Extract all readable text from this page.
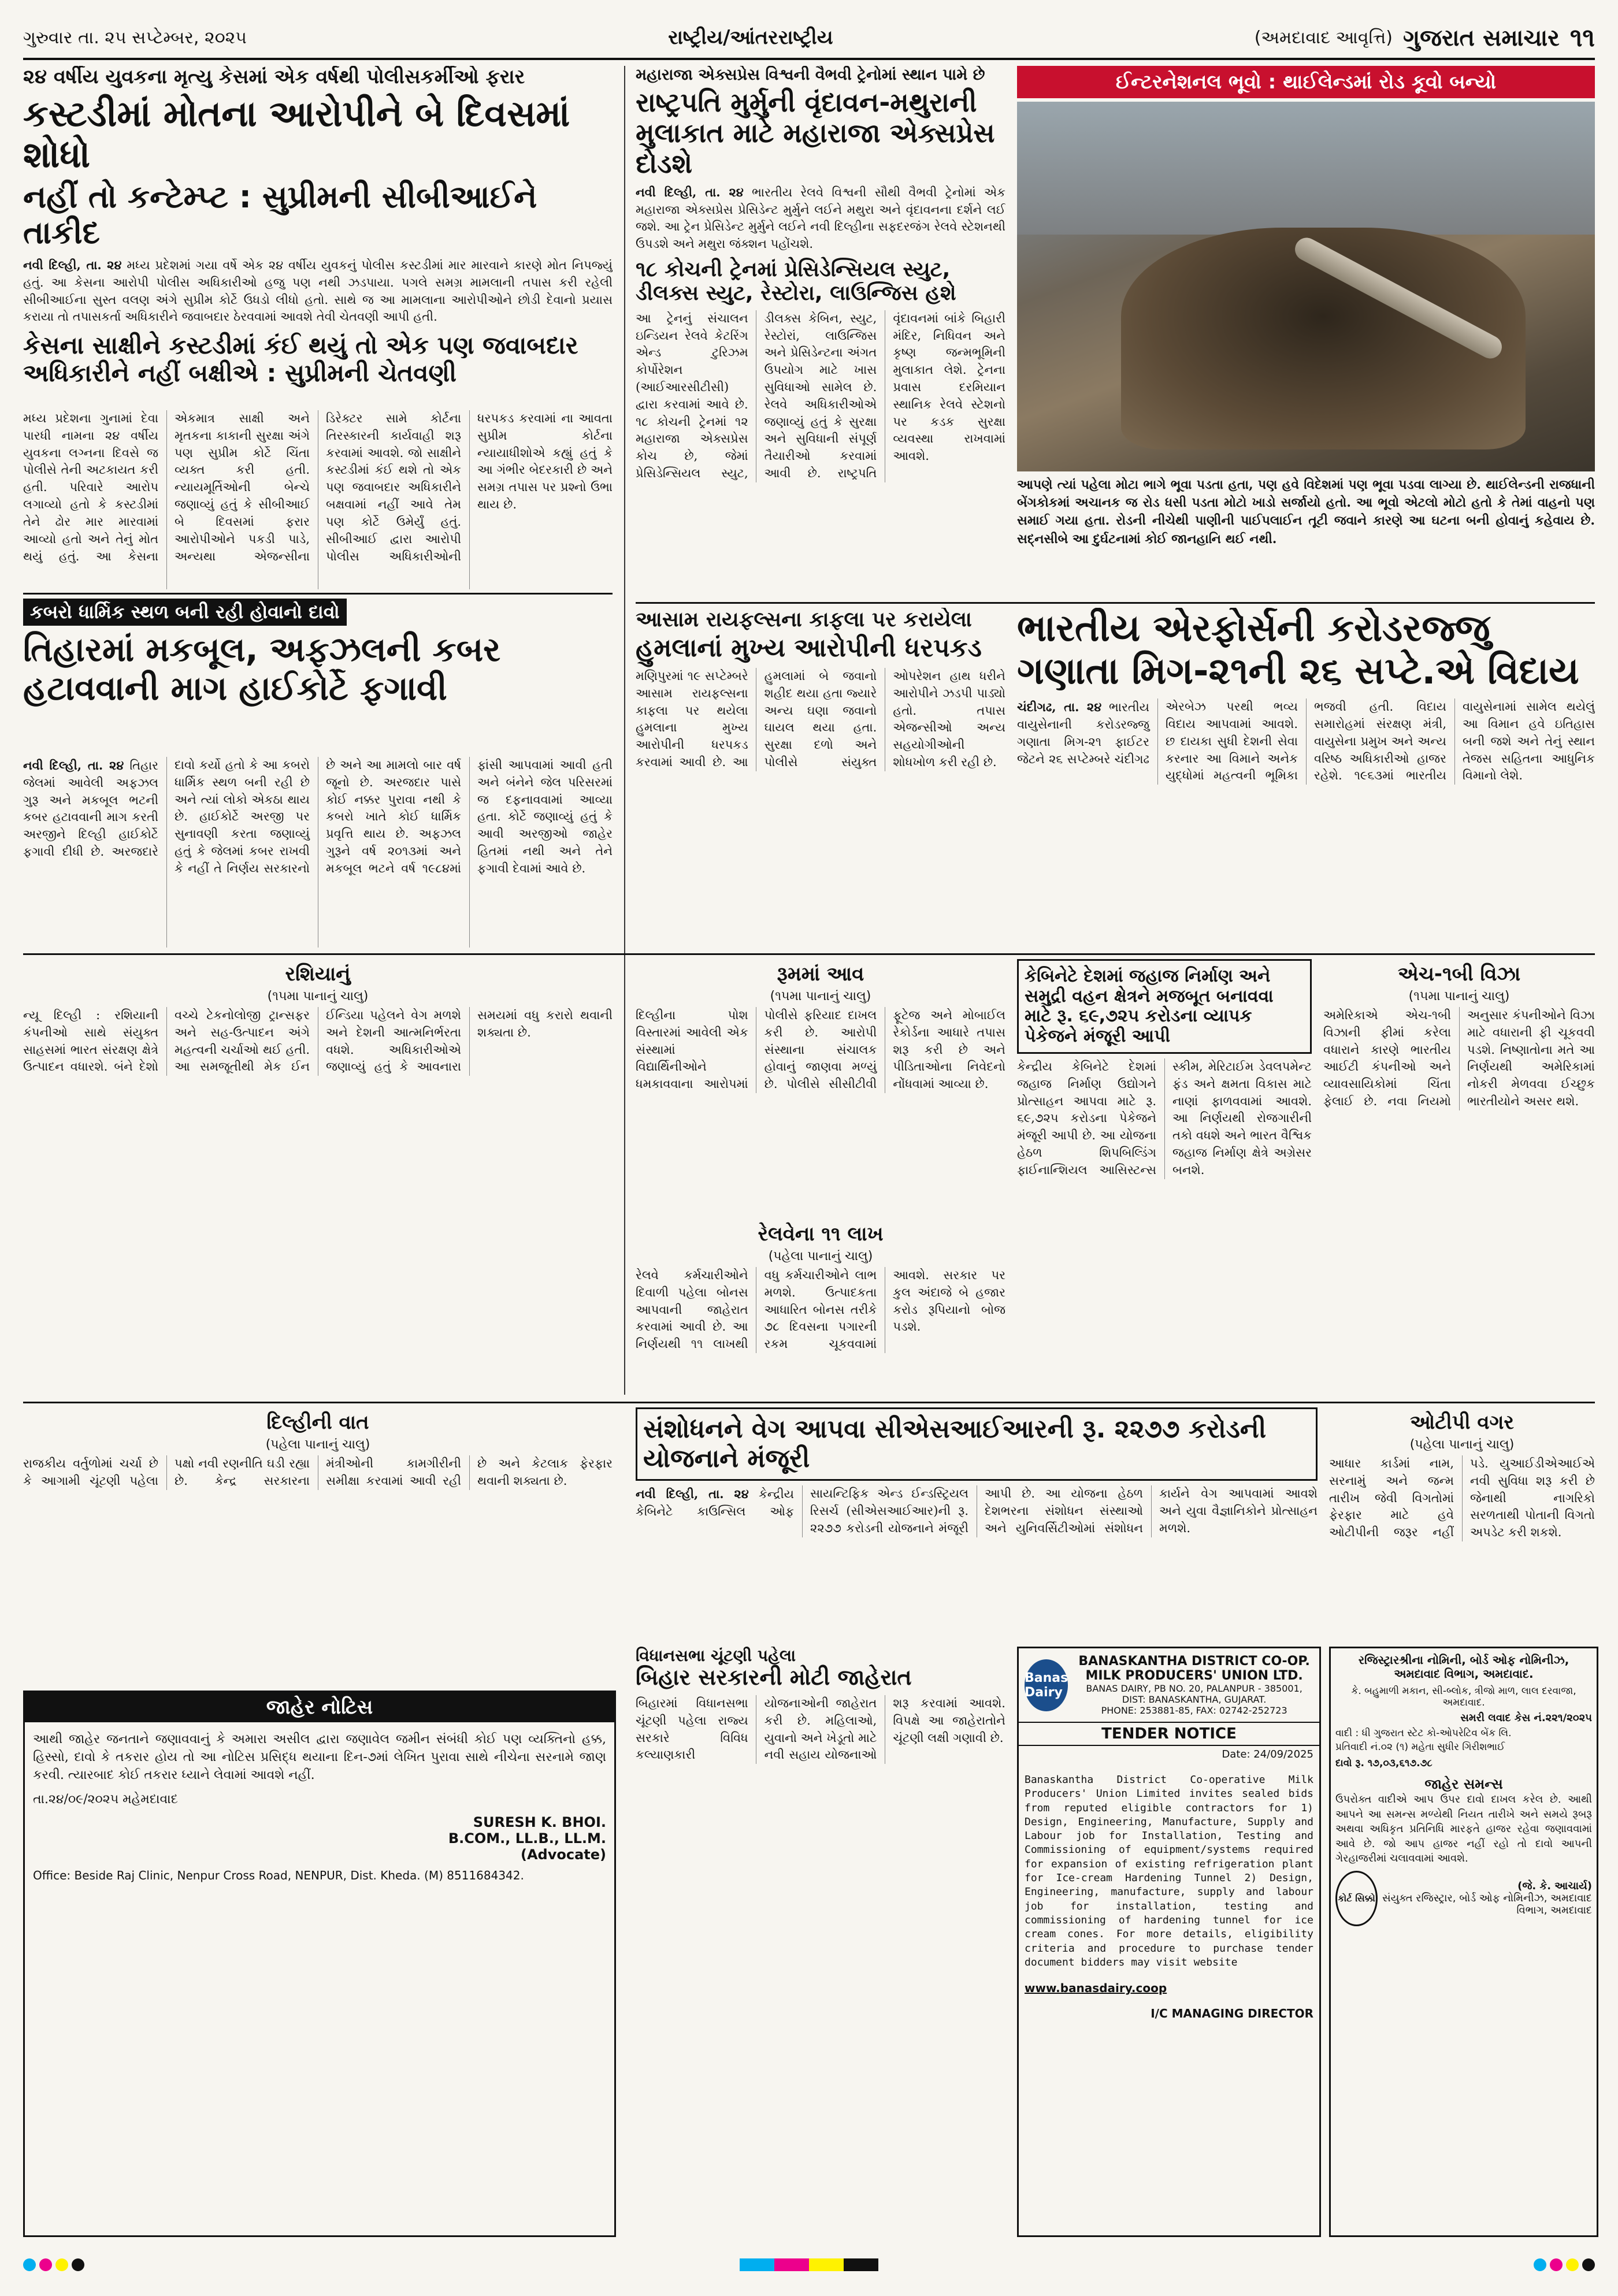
ગુરુવાર તા. ૨૫ સપ્ટેમ્બર, ૨૦૨૫	રાષ્ટ્રીય/આંતરરાષ્ટ્રીય	(અમદાવાદ આવૃત્તિ) ગુજરાત સમાચાર ૧૧

૨૪ વર્ષીય યુવકના મૃત્યુ કેસમાં એક વર્ષથી પોલીસકર્મીઓ ફરાર

કસ્ટડીમાં મોતના આરોપીને બે દિવસમાં શોધો
નહીં તો કન્ટેમ્પ્ટ : સુપ્રીમની સીબીઆઈને તાકીદ

નવી દિલ્હી, તા. ૨૪ મધ્ય પ્રદેશમાં ગયા વર્ષે એક ૨૪ વર્ષીય યુવકનું પોલીસ કસ્ટડીમાં માર મારવાને કારણે મોત નિપજ્યું હતું. આ કેસના આરોપી પોલીસ અધિકારીઓ હજુ પણ નથી ઝડપાયા. પગલે સમગ્ર મામલાની તપાસ કરી રહેલી સીબીઆઈના સુસ્ત વલણ અંગે સુપ્રીમ કોર્ટે ઉધડો લીધો હતો. સાથે જ આ મામલાના આરોપીઓને છોડી દેવાનો પ્રયાસ કરાયા તો તપાસકર્તા અધિકારીને જવાબદાર ઠેરવવામાં આવશે તેવી ચેતવણી આપી હતી.

કેસના સાક્ષીને કસ્ટડીમાં કંઈ થયું તો એક પણ જવાબદાર અધિકારીને નહીં બક્ષીએ : સુપ્રીમની ચેતવણી

મધ્ય પ્રદેશના ગુનામાં દેવા પારધી નામના ૨૪ વર્ષીય યુવકના લગ્નના દિવસે જ પોલીસે તેની અટકાયત કરી હતી. પરિવારે આરોપ લગાવ્યો હતો કે કસ્ટડીમાં તેને ઢોર માર મારવામાં આવ્યો હતો અને તેનું મોત થયું હતું. આ કેસના એકમાત્ર સાક્ષી અને મૃતકના કાકાની સુરક્ષા અંગે પણ સુપ્રીમ કોર્ટે ચિંતા વ્યક્ત કરી હતી. ન્યાયમૂર્તિઓની બેન્ચે જણાવ્યું હતું કે સીબીઆઈ બે દિવસમાં ફરાર આરોપીઓને પકડી પાડે, અન્યથા એજન્સીના ડિરેક્ટર સામે કોર્ટના તિરસ્કારની કાર્યવાહી શરૂ કરવામાં આવશે. જો સાક્ષીને કસ્ટડીમાં કંઈ થશે તો એક પણ જવાબદાર અધિકારીને બક્ષવામાં નહીં આવે તેમ પણ કોર્ટે ઉમેર્યું હતું. સીબીઆઈ દ્વારા આરોપી પોલીસ અધિકારીઓની ધરપકડ કરવામાં ના આવતા સુપ્રીમ કોર્ટના ન્યાયાધીશોએ કહ્યું હતું કે આ ગંભીર બેદરકારી છે અને સમગ્ર તપાસ પર પ્રશ્નો ઉભા થાય છે.
કબરો ધાર્મિક સ્થળ બની રહી હોવાનો દાવો
તિહારમાં મકબૂલ, અફઝલની કબર હટાવવાની માગ હાઈકોર્ટે ફગાવી
નવી દિલ્હી, તા. ૨૪ તિહાર જેલમાં આવેલી અફઝલ ગુરૂ અને મકબૂલ ભટની કબર હટાવવાની માગ કરતી અરજીને દિલ્હી હાઈકોર્ટે ફગાવી દીધી છે. અરજદારે દાવો કર્યો હતો કે આ કબરો ધાર્મિક સ્થળ બની રહી છે અને ત્યાં લોકો એકઠા થાય છે. હાઈકોર્ટે અરજી પર સુનાવણી કરતા જણાવ્યું હતું કે જેલમાં કબર રાખવી કે નહીં તે નિર્ણય સરકારનો છે અને આ મામલો બાર વર્ષ જૂનો છે. અરજદાર પાસે કોઈ નક્કર પુરાવા નથી કે કબરો ખાતે કોઈ ધાર્મિક પ્રવૃત્તિ થાય છે. અફઝલ ગુરૂને વર્ષ ૨૦૧૩માં અને મકબૂલ ભટને વર્ષ ૧૯૮૪માં ફાંસી આપવામાં આવી હતી અને બંનેને જેલ પરિસરમાં જ દફનાવવામાં આવ્યા હતા. કોર્ટે જણાવ્યું હતું કે આવી અરજીઓ જાહેર હિતમાં નથી અને તેને ફગાવી દેવામાં આવે છે.

મહારાજા એક્સપ્રેસ વિશ્વની વૈભવી ટ્રેનોમાં સ્થાન પામે છે

રાષ્ટ્રપતિ મુર્મુની વૃંદાવન-મથુરાની મુલાકાત માટે મહારાજા એક્સપ્રેસ દોડશે

નવી દિલ્હી, તા. ૨૪ ભારતીય રેલવે વિશ્વની સૌથી વૈભવી ટ્રેનોમાં એક મહારાજા એક્સપ્રેસ પ્રેસિડેન્ટ મુર્મુને લઈને મથુરા અને વૃંદાવનના દર્શને લઈ જશે. આ ટ્રેન પ્રેસિડેન્ટ મુર્મુને લઈને નવી દિલ્હીના સફદરજંગ રેલવે સ્ટેશનથી ઉપડશે અને મથુરા જંક્શન પહોંચશે.

૧૮ કોચની ટ્રેનમાં પ્રેસિડેન્સિયલ સ્યુટ, ડીલક્સ સ્યુટ, રેસ્ટોરા, લાઉન્જિસ હશે

આ ટ્રેનનું સંચાલન ઇન્ડિયન રેલવે કેટરિંગ એન્ડ ટુરિઝમ કોર્પોરેશન (આઈઆરસીટીસી) દ્વારા કરવામાં આવે છે. ૧૮ કોચની ટ્રેનમાં ૧૨ મહારાજા એક્સપ્રેસ કોચ છે, જેમાં પ્રેસિડેન્સિયલ સ્યુટ, ડીલક્સ કેબિન, સ્યુટ, રેસ્ટોરાં, લાઉન્જિસ અને પ્રેસિડેન્ટના અંગત ઉપયોગ માટે ખાસ સુવિધાઓ સામેલ છે. રેલવે અધિકારીઓએ જણાવ્યું હતું કે સુરક્ષા અને સુવિધાની સંપૂર્ણ તૈયારીઓ કરવામાં આવી છે. રાષ્ટ્રપતિ વૃંદાવનમાં બાંકે બિહારી મંદિર, નિધિવન અને કૃષ્ણ જન્મભૂમિની મુલાકાત લેશે. ટ્રેનના પ્રવાસ દરમિયાન સ્થાનિક રેલવે સ્ટેશનો પર કડક સુરક્ષા વ્યવસ્થા રાખવામાં આવશે.
ઈન્ટરનેશનલ ભૂવો : થાઈલેન્ડમાં રોડ કૂવો બન્યો

આપણે ત્યાં પહેલા મોટા ભાગે ભૂવા પડતા હતા, પણ હવે વિદેશમાં પણ ભૂવા પડવા લાગ્યા છે. થાઈલેન્ડની રાજધાની બેંગકોકમાં અચાનક જ રોડ ધસી પડતા મોટો ખાડો સર્જાયો હતો. આ ભૂવો એટલો મોટો હતો કે તેમાં વાહનો પણ સમાઈ ગયા હતા. રોડની નીચેથી પાણીની પાઈપલાઈન તૂટી જવાને કારણે આ ઘટના બની હોવાનું કહેવાય છે. સદ્નસીબે આ દુર્ઘટનામાં કોઈ જાનહાનિ થઈ નથી.

આસામ રાયફલ્સના કાફલા પર કરાયેલા

હુમલાનાં મુખ્ય આરોપીની ધરપકડ
મણિપુરમાં ૧૯ સપ્ટેમ્બરે આસામ રાયફલ્સના કાફલા પર થયેલા હુમલાના મુખ્ય આરોપીની ધરપકડ કરવામાં આવી છે. આ હુમલામાં બે જવાનો શહીદ થયા હતા જ્યારે અન્ય ઘણા જવાનો ઘાયલ થયા હતા. સુરક્ષા દળો અને પોલીસે સંયુક્ત ઓપરેશન હાથ ધરીને આરોપીને ઝડપી પાડ્યો હતો. તપાસ એજન્સીઓ અન્ય સહયોગીઓની શોધખોળ કરી રહી છે.
ભારતીય એરફોર્સની કરોડરજ્જુ ગણાતા મિગ-૨૧ની ૨૬ સપ્ટે.એ વિદાય
ચંદીગઢ, તા. ૨૪ ભારતીય વાયુસેનાની કરોડરજ્જુ ગણાતા મિગ-૨૧ ફાઈટર જેટને ૨૬ સપ્ટેમ્બરે ચંદીગઢ એરબેઝ પરથી ભવ્ય વિદાય આપવામાં આવશે. છ દાયકા સુધી દેશની સેવા કરનાર આ વિમાને અનેક યુદ્ધોમાં મહત્વની ભૂમિકા ભજવી હતી. વિદાય સમારોહમાં સંરક્ષણ મંત્રી, વાયુસેના પ્રમુખ અને અન્ય વરિષ્ઠ અધિકારીઓ હાજર રહેશે. ૧૯૬૩માં ભારતીય વાયુસેનામાં સામેલ થયેલું આ વિમાન હવે ઇતિહાસ બની જશે અને તેનું સ્થાન તેજસ સહિતના આધુનિક વિમાનો લેશે.

રશિયાનું

(૧૫મા પાનાનું ચાલુ)

ન્યૂ દિલ્હી : રશિયાની કંપનીઓ સાથે સંયુક્ત સાહસમાં ભારત સંરક્ષણ ક્ષેત્રે ઉત્પાદન વધારશે. બંને દેશો વચ્ચે ટેકનોલોજી ટ્રાન્સફર અને સહ-ઉત્પાદન અંગે મહત્વની ચર્ચાઓ થઈ હતી. આ સમજૂતીથી મેક ઈન ઈન્ડિયા પહેલને વેગ મળશે અને દેશની આત્મનિર્ભરતા વધશે. અધિકારીઓએ જણાવ્યું હતું કે આવનારા સમયમાં વધુ કરારો થવાની શક્યતા છે.

રૂમમાં આવ

(૧૫મા પાનાનું ચાલુ)

દિલ્હીના પોશ વિસ્તારમાં આવેલી એક સંસ્થામાં વિદ્યાર્થિનીઓને ધમકાવવાના આરોપમાં પોલીસે ફરિયાદ દાખલ કરી છે. આરોપી સંસ્થાના સંચાલક હોવાનું જાણવા મળ્યું છે. પોલીસે સીસીટીવી ફૂટેજ અને મોબાઈલ રેકોર્ડના આધારે તપાસ શરૂ કરી છે અને પીડિતાઓના નિવેદનો નોંધવામાં આવ્યા છે.

રેલવેના ૧૧ લાખ

(પહેલા પાનાનું ચાલુ)

રેલવે કર્મચારીઓને દિવાળી પહેલા બોનસ આપવાની જાહેરાત કરવામાં આવી છે. આ નિર્ણયથી ૧૧ લાખથી વધુ કર્મચારીઓને લાભ મળશે. ઉત્પાદકતા આધારિત બોનસ તરીકે ૭૮ દિવસના પગારની રકમ ચૂકવવામાં આવશે. સરકાર પર કુલ અંદાજે બે હજાર કરોડ રૂપિયાનો બોજ પડશે.

એચ-૧બી વિઝા

(૧૫મા પાનાનું ચાલુ)

અમેરિકાએ એચ-૧બી વિઝાની ફીમાં કરેલા વધારાને કારણે ભારતીય આઈટી કંપનીઓ અને વ્યાવસાયિકોમાં ચિંતા ફેલાઈ છે. નવા નિયમો અનુસાર કંપનીઓને વિઝા માટે વધારાની ફી ચૂકવવી પડશે. નિષ્ણાતોના મતે આ નિર્ણયથી અમેરિકામાં નોકરી મેળવવા ઈચ્છુક ભારતીયોને અસર થશે.
કેબિનેટે દેશમાં જહાજ નિર્માણ અને સમુદ્રી વહન ક્ષેત્રને મજબૂત બનાવવા માટે રૂ. ૬૯,૭૨૫ કરોડના વ્યાપક પેકેજને મંજૂરી આપી
કેન્દ્રીય કેબિનેટે દેશમાં જહાજ નિર્માણ ઉદ્યોગને પ્રોત્સાહન આપવા માટે રૂ. ૬૯,૭૨૫ કરોડના પેકેજને મંજૂરી આપી છે. આ યોજના હેઠળ શિપબિલ્ડિંગ ફાઈનાન્શિયલ આસિસ્ટન્સ સ્કીમ, મેરિટાઈમ ડેવલપમેન્ટ ફંડ અને ક્ષમતા વિકાસ માટે નાણાં ફાળવવામાં આવશે. આ નિર્ણયથી રોજગારીની તકો વધશે અને ભારત વૈશ્વિક જહાજ નિર્માણ ક્ષેત્રે અગ્રેસર બનશે.

દિલ્હીની વાત

(પહેલા પાનાનું ચાલુ)

રાજકીય વર્તુળોમાં ચર્ચા છે કે આગામી ચૂંટણી પહેલા પક્ષો નવી રણનીતિ ઘડી રહ્યા છે. કેન્દ્ર સરકારના મંત્રીઓની કામગીરીની સમીક્ષા કરવામાં આવી રહી છે અને કેટલાક ફેરફાર થવાની શક્યતા છે.
સંશોધનને વેગ આપવા સીએસઆઈઆરની રૂ. ૨૨૭૭ કરોડની યોજનાને મંજૂરી
નવી દિલ્હી, તા. ૨૪ કેન્દ્રીય કેબિનેટે કાઉન્સિલ ઓફ સાયન્ટિફિક એન્ડ ઈન્ડસ્ટ્રિયલ રિસર્ચ (સીએસઆઈઆર)ની રૂ. ૨૨૭૭ કરોડની યોજનાને મંજૂરી આપી છે. આ યોજના હેઠળ દેશભરના સંશોધન સંસ્થાઓ અને યુનિવર્સિટીઓમાં સંશોધન કાર્યને વેગ આપવામાં આવશે અને યુવા વૈજ્ઞાનિકોને પ્રોત્સાહન મળશે.

ઓટીપી વગર

(પહેલા પાનાનું ચાલુ)

આધાર કાર્ડમાં નામ, સરનામું અને જન્મ તારીખ જેવી વિગતોમાં ફેરફાર માટે હવે ઓટીપીની જરૂર નહીં પડે. યુઆઈડીએઆઈએ નવી સુવિધા શરૂ કરી છે જેનાથી નાગરિકો સરળતાથી પોતાની વિગતો અપડેટ કરી શકશે.

વિધાનસભા ચૂંટણી પહેલા

બિહાર સરકારની મોટી જાહેરાત
બિહારમાં વિધાનસભા ચૂંટણી પહેલા રાજ્ય સરકારે વિવિધ કલ્યાણકારી યોજનાઓની જાહેરાત કરી છે. મહિલાઓ, યુવાનો અને ખેડૂતો માટે નવી સહાય યોજનાઓ શરૂ કરવામાં આવશે. વિપક્ષે આ જાહેરાતોને ચૂંટણી લક્ષી ગણાવી છે.
જાહેર નોટિસ

આથી જાહેર જનતાને જણાવવાનું કે અમારા અસીલ દ્વારા જણાવેલ જમીન સંબંધી કોઈ પણ વ્યક્તિનો હક્ક, હિસ્સો, દાવો કે તકરાર હોય તો આ નોટિસ પ્રસિદ્ધ થયાના દિન-૭માં લેખિત પુરાવા સાથે નીચેના સરનામે જાણ કરવી. ત્યારબાદ કોઈ તકરાર ધ્યાને લેવામાં આવશે નહીં.

તા.૨૪/૦૯/૨૦૨૫ મહેમદાવાદ

SURESH K. BHOI.
B.COM., LL.B., LL.M.
(Advocate)

Office: Beside Raj Clinic, Nenpur Cross Road, NENPUR, Dist. Kheda. (M) 8511684342.

Banas Dairy
BANASKANTHA DISTRICT CO-OP. MILK PRODUCERS' UNION LTD.
BANAS DAIRY, PB NO. 20, PALANPUR - 385001, DIST: BANASKANTHA, GUJARAT.
PHONE: 253881-85, FAX: 02742-252723
TENDER NOTICE
Date: 24/09/2025

Banaskantha District Co-operative Milk Producers' Union Limited invites sealed bids from reputed eligible contractors for 1) Design, Engineering, Manufacture, Supply and Labour job for Installation, Testing and Commissioning of equipment/systems required for expansion of existing refrigeration plant for Ice-cream Hardening Tunnel 2) Design, Engineering, manufacture, supply and labour job for installation, testing and commissioning of hardening tunnel for ice cream cones. For more details, eligibility criteria and procedure to purchase tender document bidders may visit website

www.banasdairy.coop

I/C MANAGING DIRECTOR

રજિસ્ટ્રારશ્રીના નોમિની, બોર્ડ ઓફ નોમિનીઝ, અમદાવાદ વિભાગ, અમદાવાદ.
કે. બહુમાળી મકાન, સી-બ્લોક, ત્રીજો માળ, લાલ દરવાજા, અમદાવાદ.
સમરી લવાદ કેસ નં.૨૨૧/૨૦૨૫
વાદી : ધી ગુજરાત સ્ટેટ કો-ઓપરેટિવ બેંક લિ.
પ્રતિવાદી નં.૦૨ (૧) મહેતા સુધીર ગિરીશભાઈ
દાવો રૂ. ૧૭,૦૩,૬૧૭.૭૮
જાહેર સમન્સ

ઉપરોક્ત વાદીએ આપ ઉપર દાવો દાખલ કરેલ છે. આથી આપને આ સમન્સ મળ્યેથી નિયત તારીખે અને સમયે રૂબરૂ અથવા અધિકૃત પ્રતિનિધિ મારફતે હાજર રહેવા જણાવવામાં આવે છે. જો આપ હાજર નહીં રહો તો દાવો આપની ગેરહાજરીમાં ચલાવવામાં આવશે.

કોર્ટ સિક્કો
(જે. કે. આચાર્ય)
સંયુક્ત રજિસ્ટ્રાર, બોર્ડ ઓફ નોમિનીઝ, અમદાવાદ વિભાગ, અમદાવાદ
